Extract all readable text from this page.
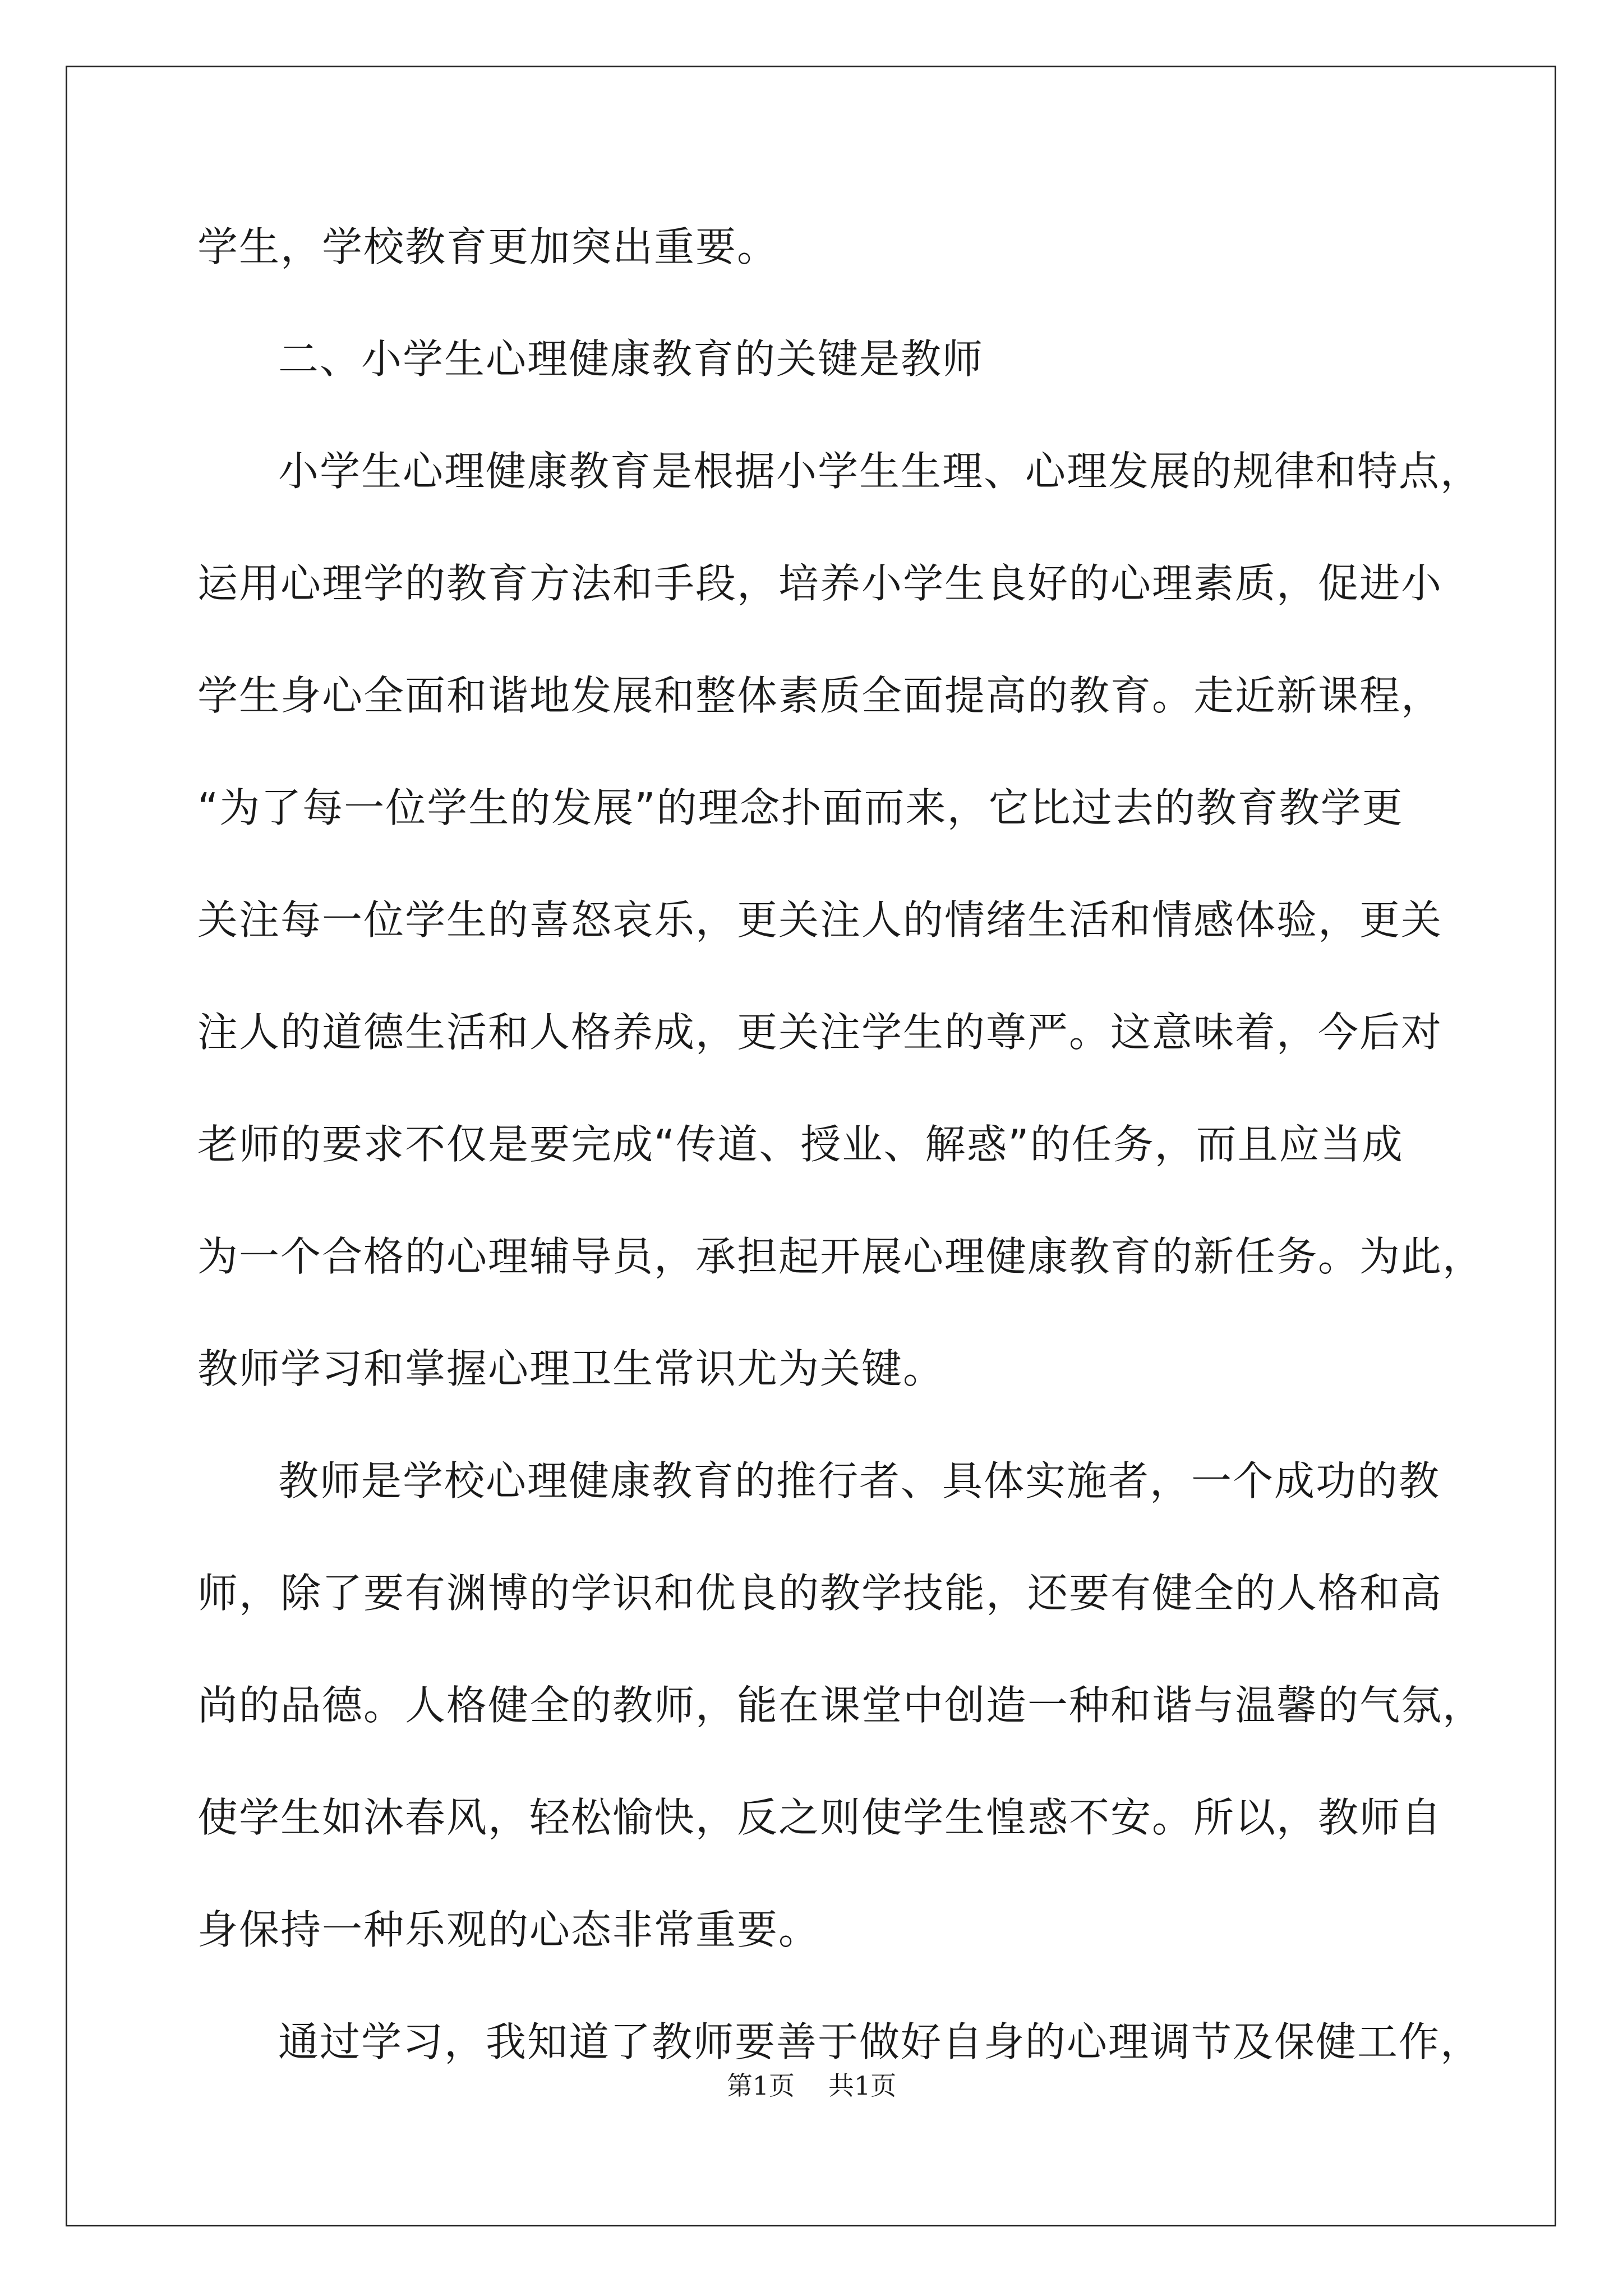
学生，学校教育更加突出重要。
二、小学生心理健康教育的关键是教师
小学生心理健康教育是根据小学生生理、心理发展的规律和特点，
运用心理学的教育方法和手段，培养小学生良好的心理素质，促进小
学生身心全面和谐地发展和整体素质全面提高的教育。走近新课程，
“为了每一位学生的发展”的理念扑面而来，它比过去的教育教学更
关注每一位学生的喜怒哀乐，更关注人的情绪生活和情感体验，更关
注人的道德生活和人格养成，更关注学生的尊严。这意味着，今后对
老师的要求不仅是要完成“传道、授业、解惑”的任务，而且应当成
为一个合格的心理辅导员，承担起开展心理健康教育的新任务。为此，
教师学习和掌握心理卫生常识尤为关键。
教师是学校心理健康教育的推行者、具体实施者，一个成功的教
师，除了要有渊博的学识和优良的教学技能，还要有健全的人格和高
尚的品德。人格健全的教师，能在课堂中创造一种和谐与温馨的气氛，
使学生如沐春风，轻松愉快，反之则使学生惶惑不安。所以，教师自
身保持一种乐观的心态非常重要。
通过学习，我知道了教师要善于做好自身的心理调节及保健工作，
第1页 共1页
